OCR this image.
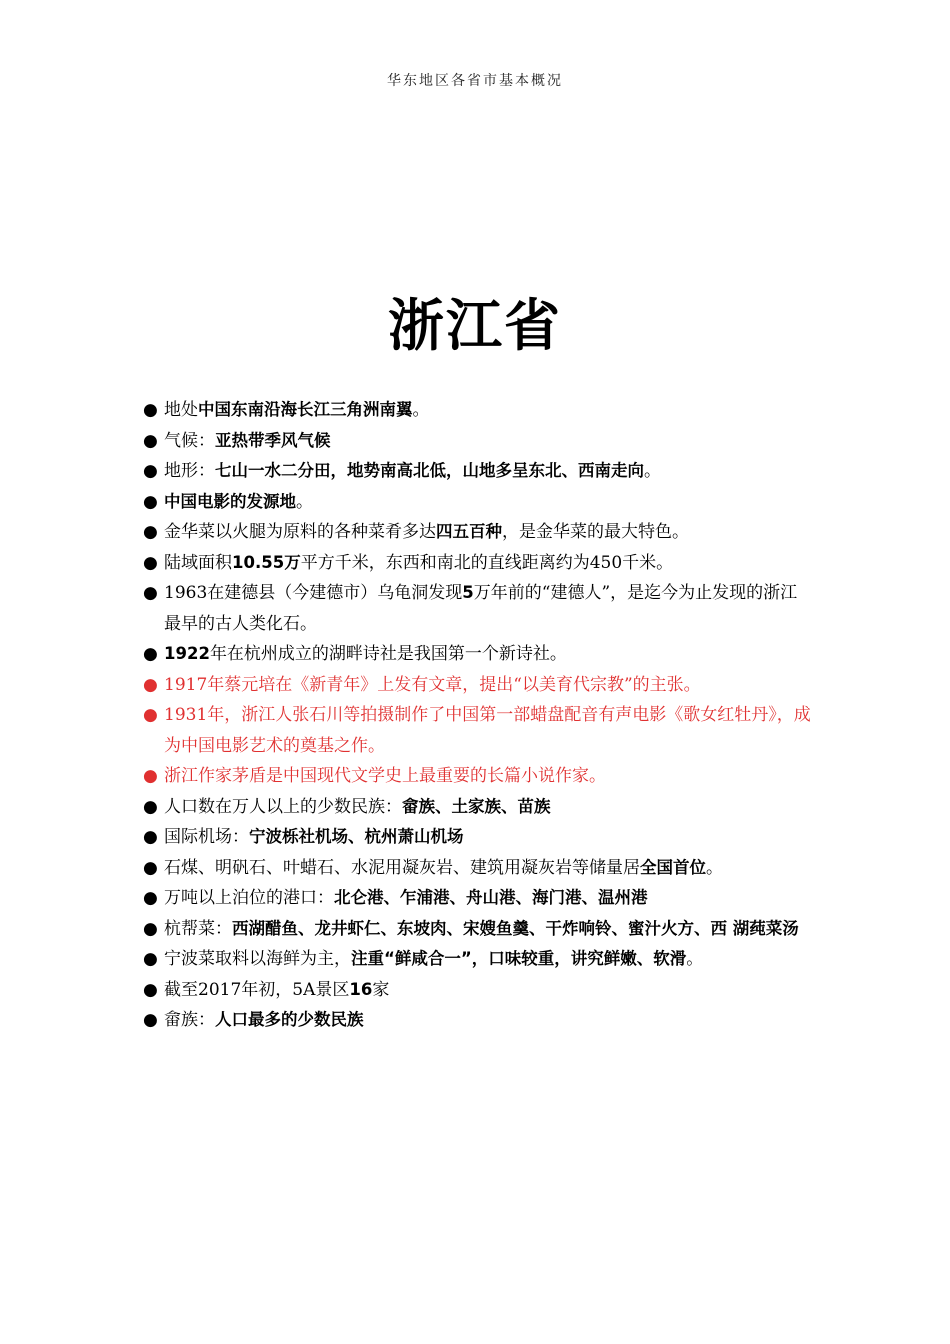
华东地区各省市基本概况
浙江省
● 地处中国东南沿海长江三角洲南翼。
● 气候：亚热带季风气候
● 地形：七山一水二分田，地势南高北低，山地多呈东北、西南走向。
● 中国电影的发源地。
● 金华菜以火腿为原料的各种菜肴多达四五百种，是金华菜的最大特色。
● 陆域面积10.55万平方千米，东西和南北的直线距离约为450千米。
● 1963在建德县（今建德市）乌龟洞发现5万年前的“建德人”，是迄今为止发现的浙江最早的古人类化石。
● 1922年在杭州成立的湖畔诗社是我国第一个新诗社。
● 1917年蔡元培在《新青年》上发有文章，提出“以美育代宗教”的主张。
● 1931年，浙江人张石川等拍摄制作了中国第一部蜡盘配音有声电影《歌女红牡丹》，成为中国电影艺术的奠基之作。
● 浙江作家茅盾是中国现代文学史上最重要的长篇小说作家。
● 人口数在万人以上的少数民族：畲族、土家族、苗族
● 国际机场：宁波栎社机场、杭州萧山机场
● 石煤、明矾石、叶蜡石、水泥用凝灰岩、建筑用凝灰岩等储量居全国首位。
● 万吨以上泊位的港口：北仑港、乍浦港、舟山港、海门港、温州港
● 杭帮菜：西湖醋鱼、龙井虾仁、东坡肉、宋嫂鱼羹、干炸响铃、蜜汁火方、西 湖莼菜汤
● 宁波菜取料以海鲜为主，注重“鲜咸合一”，口味较重，讲究鲜嫩、软滑。
● 截至2017年初，5A景区16家
● 畲族：人口最多的少数民族
